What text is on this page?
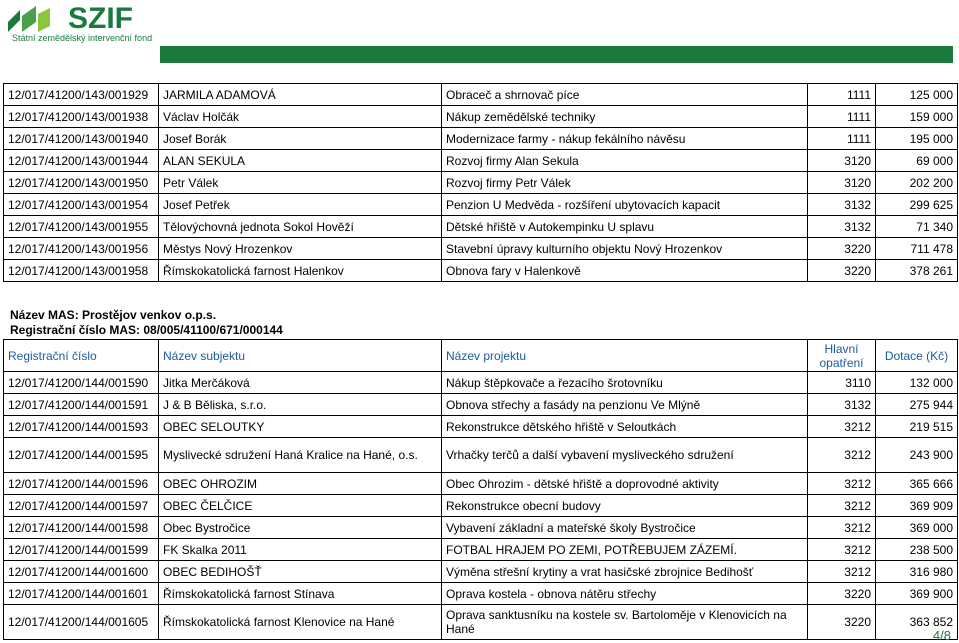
SZIF
Státní zemědělský intervenční fond
12/017/41200/143/001929	JARMILA ADAMOVÁ	Obraceč a shrnovač píce	1111	125 000
12/017/41200/143/001938	Václav Holčák	Nákup zemědělské techniky	1111	159 000
12/017/41200/143/001940	Josef Borák	Modernizace farmy - nákup fekálního návěsu	1111	195 000
12/017/41200/143/001944	ALAN SEKULA	Rozvoj firmy Alan Sekula	3120	69 000
12/017/41200/143/001950	Petr Válek	Rozvoj firmy Petr Válek	3120	202 200
12/017/41200/143/001954	Josef Petřek	Penzion U Medvěda - rozšíření ubytovacích kapacit	3132	299 625
12/017/41200/143/001955	Tělovýchovná jednota Sokol Hověží	Dětské hřiště v Autokempinku U splavu	3132	71 340
12/017/41200/143/001956	Městys Nový Hrozenkov	Stavební úpravy kulturního objektu Nový Hrozenkov	3220	711 478
12/017/41200/143/001958	Římskokatolická farnost Halenkov	Obnova fary v Halenkově	3220	378 261
Název MAS: Prostějov venkov o.p.s.
Registrační číslo MAS: 08/005/41100/671/000144
Registrační číslo	Název subjektu	Název projektu	Hlavní opatření	Dotace (Kč)
12/017/41200/144/001590	Jitka Merčáková	Nákup štěpkovače a řezacího šrotovníku	3110	132 000
12/017/41200/144/001591	J & B Běliska, s.r.o.	Obnova střechy a fasády na penzionu Ve Mlýně	3132	275 944
12/017/41200/144/001593	OBEC SELOUTKY	Rekonstrukce dětského hřiště v Seloutkách	3212	219 515
12/017/41200/144/001595	Myslivecké sdružení Haná Kralice na Hané, o.s.	Vrhačky terčů a další vybavení mysliveckého sdružení	3212	243 900
12/017/41200/144/001596	OBEC OHROZIM	Obec Ohrozim - dětské hřiště a doprovodné aktivity	3212	365 666
12/017/41200/144/001597	OBEC ČELČICE	Rekonstrukce obecní budovy	3212	369 909
12/017/41200/144/001598	Obec Bystročice	Vybavení základní a mateřské školy Bystročice	3212	369 000
12/017/41200/144/001599	FK Skalka 2011	FOTBAL HRAJEM PO ZEMI, POTŘEBUJEM ZÁZEMÍ.	3212	238 500
12/017/41200/144/001600	OBEC BEDIHOŠŤ	Výměna střešní krytiny a vrat hasičské zbrojnice Bedihošť	3212	316 980
12/017/41200/144/001601	Římskokatolická farnost Stínava	Oprava kostela - obnova nátěru střechy	3220	369 900
12/017/41200/144/001605	Římskokatolická farnost Klenovice na Hané	Oprava sanktusníku na kostele sv. Bartoloměje v Klenovicích na Hané	3220	363 852
4/8
